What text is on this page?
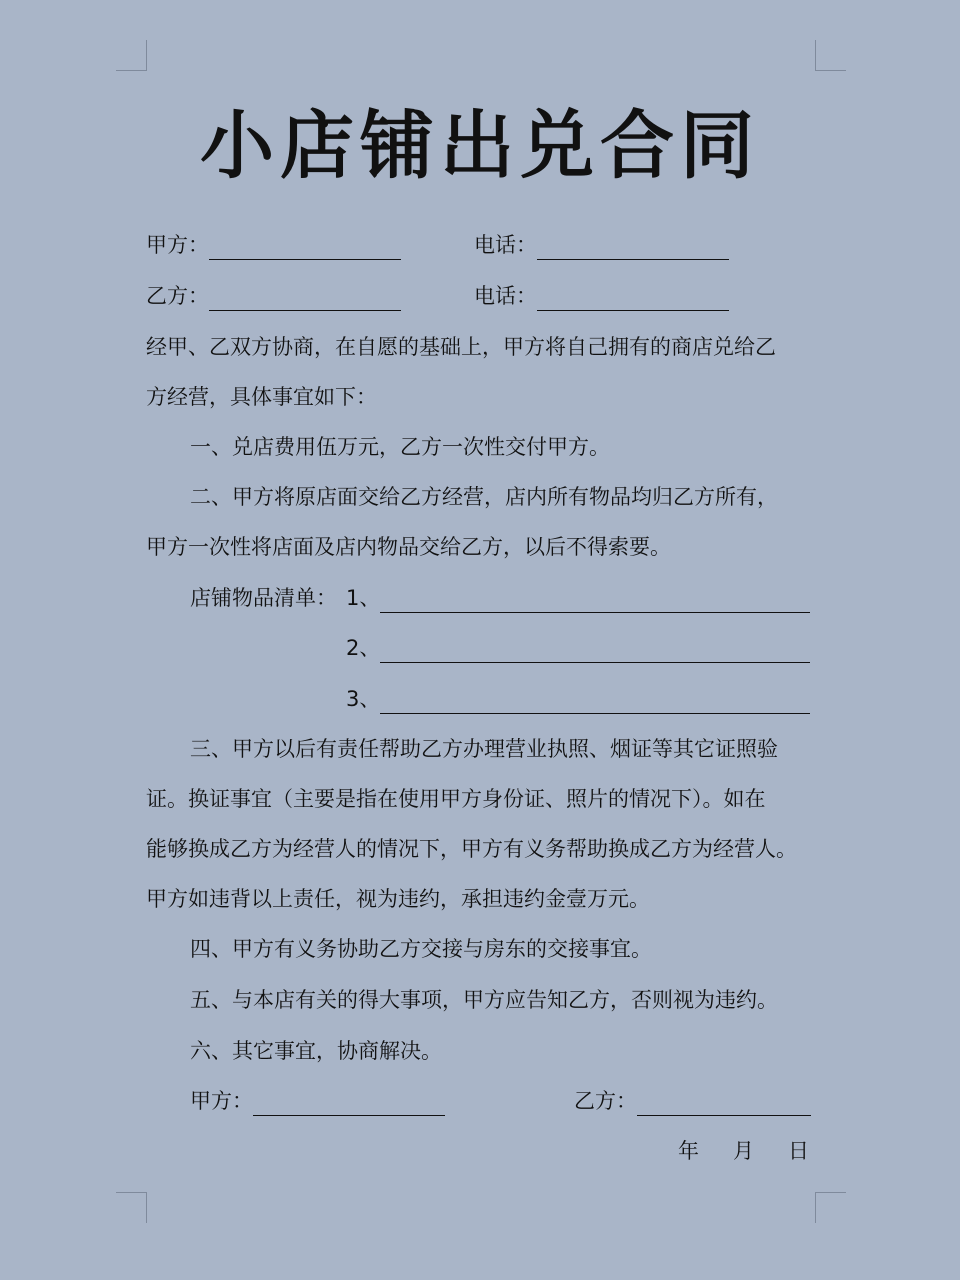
小店铺出兑合同
甲方：	电话：
乙方：	电话：
经甲、乙双方协商，在自愿的基础上，甲方将自己拥有的商店兑给乙
方经营，具体事宜如下：
一、兑店费用伍万元，乙方一次性交付甲方。
二、甲方将原店面交给乙方经营，店内所有物品均归乙方所有，
甲方一次性将店面及店内物品交给乙方，以后不得索要。
店铺物品清单： 1、
2、
3、
三、甲方以后有责任帮助乙方办理营业执照、烟证等其它证照验
证。换证事宜（主要是指在使用甲方身份证、照片的情况下）。如在
能够换成乙方为经营人的情况下，甲方有义务帮助换成乙方为经营人。
甲方如违背以上责任，视为违约，承担违约金壹万元。
四、甲方有义务协助乙方交接与房东的交接事宜。
五、与本店有关的得大事项，甲方应告知乙方，否则视为违约。
六、其它事宜，协商解决。
甲方：	乙方：
年 月 日
